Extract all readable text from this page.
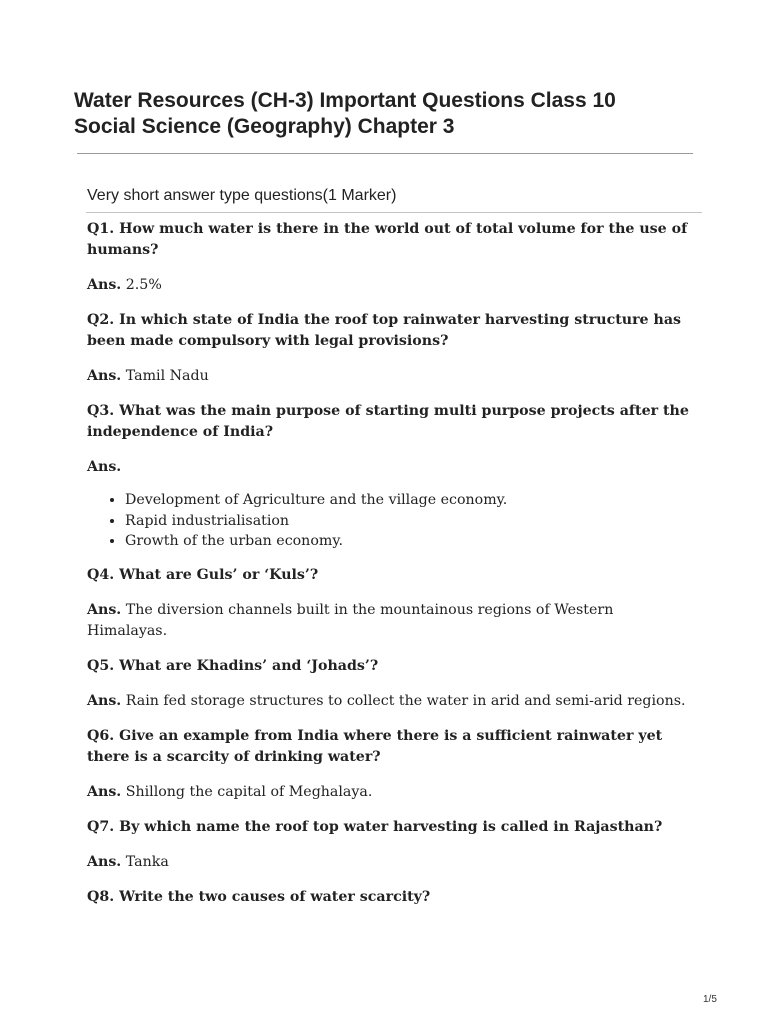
Water Resources (CH-3) Important Questions Class 10
Social Science (Geography) Chapter 3
Very short answer type questions(1 Marker)

Q1. How much water is there in the world out of total volume for the use of humans?

Ans. 2.5%

Q2. In which state of India the roof top rainwater harvesting structure has been made compulsory with legal provisions?

Ans. Tamil Nadu

Q3. What was the main purpose of starting multi purpose projects after the independence of India?

Ans.

• Development of Agriculture and the village economy.
• Rapid industrialisation
• Growth of the urban economy.

Q4. What are Guls’ or ‘Kuls’?

Ans. The diversion channels built in the mountainous regions of Western Himalayas.

Q5. What are Khadins’ and ‘Johads’?

Ans. Rain fed storage structures to collect the water in arid and semi-arid regions.

Q6. Give an example from India where there is a sufficient rainwater yet there is a scarcity of drinking water?

Ans. Shillong the capital of Meghalaya.

Q7. By which name the roof top water harvesting is called in Rajasthan?

Ans. Tanka

Q8. Write the two causes of water scarcity?

1/5
